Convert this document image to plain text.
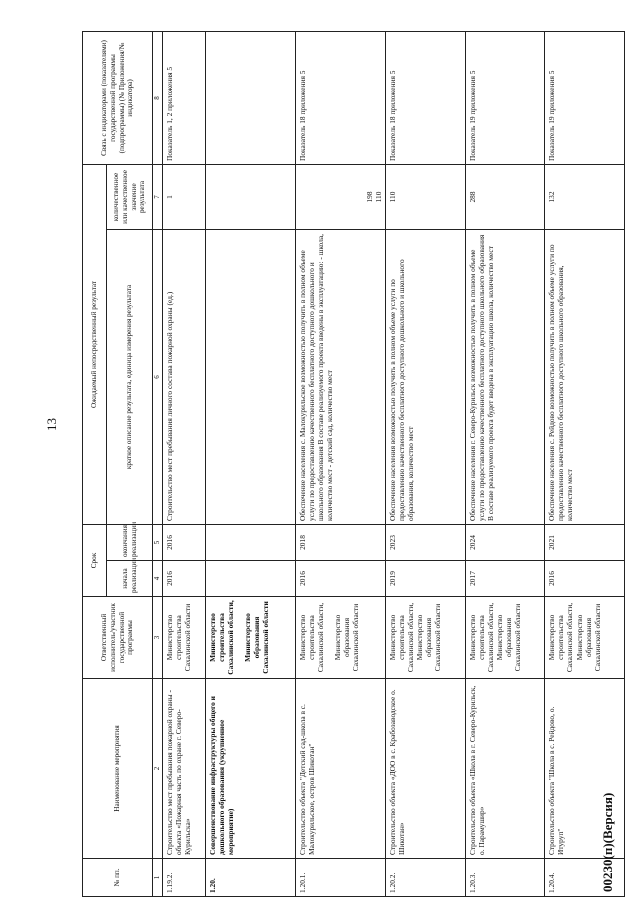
13
№ пп.	Наименование мероприятия	Ответственный исполнитель/участник государственной программы	Срок		Ожидаемый непосредственный результат		Связь с индикаторами (показателями) государственной программы (подпрограммы) (№ Приложения/№ индикатора)
			начала реализации	окончания реализации	краткое описание результата, единица измерения результата	количественное или качественное значение результата	
1	2	3	4	5	6	7	8
1.19.2.	Строительство мест пребывания пожарной охраны - объекта «Пожарная часть по охране г. Северо-Курильска»	Министерство строительства Сахалинской области	2016	2016	Строительство мест пребывания личного состава пожарной охраны (ед.)	1	Показатель 1, 2 приложения 5
1.20.	Совершенствование инфраструктуры общего и дошкольного образования (укрупненное мероприятие)	Министерство строительства Сахалинской области, Министерство образования Сахалинской области					

1.20.1.	Строительство объекта "Детский сад-школа в с. Малокурильское, остров Шикотан"	Министерство строительства Сахалинской области, Министерство образования Сахалинской области	2016	2018	Обеспечение населения с. Малокурильское возможностью получить в полном объеме услуги по предоставлению качественного бесплатного доступного дошкольного и школьного образования В составе реализуемого проекта введены в эксплуатацию: - школа, количество мест - детский сад, количество мест	198 110	Показатель 18 приложения 5
1.20.2.	Строительство объекта «ДОО в с. Крабозаводское о. Шикотан»	Министерство строительства Сахалинской области, Министерство образования Сахалинской области	2019	2023	Обеспечение населения возможностью получить в полном объеме услуги по предоставлению качественного бесплатного доступного дошкольного и школьного образования, количество мест	110	Показатель 18 приложения 5
1.20.3.	Строительство объекта «Школа в г. Северо-Курильск, о. Парамушир»	Министерство строительства Сахалинской области, Министерство образования Сахалинской области	2017	2024	Обеспечение населения г. Северо-Курильск возможностью получить в полном объеме услуги по предоставлению качественного бесплатного доступного школьного образования В составе реализуемого проекта будет введена в эксплуатацию школа, количество мест	288	Показатель 19 приложения 5
1.20.4.	Строительство объекта "Школа в с. Рейдово, о. Итуруп"	Министерство строительства Сахалинской области, Министерство образования Сахалинской области	2016	2021	Обеспечение населения с. Рейдово возможностью получить в полном объеме услуги по предоставлению качественного бесплатного доступного школьного образования, количество мест	132	Показатель 19 приложения 5
00230(п)(Версия)
